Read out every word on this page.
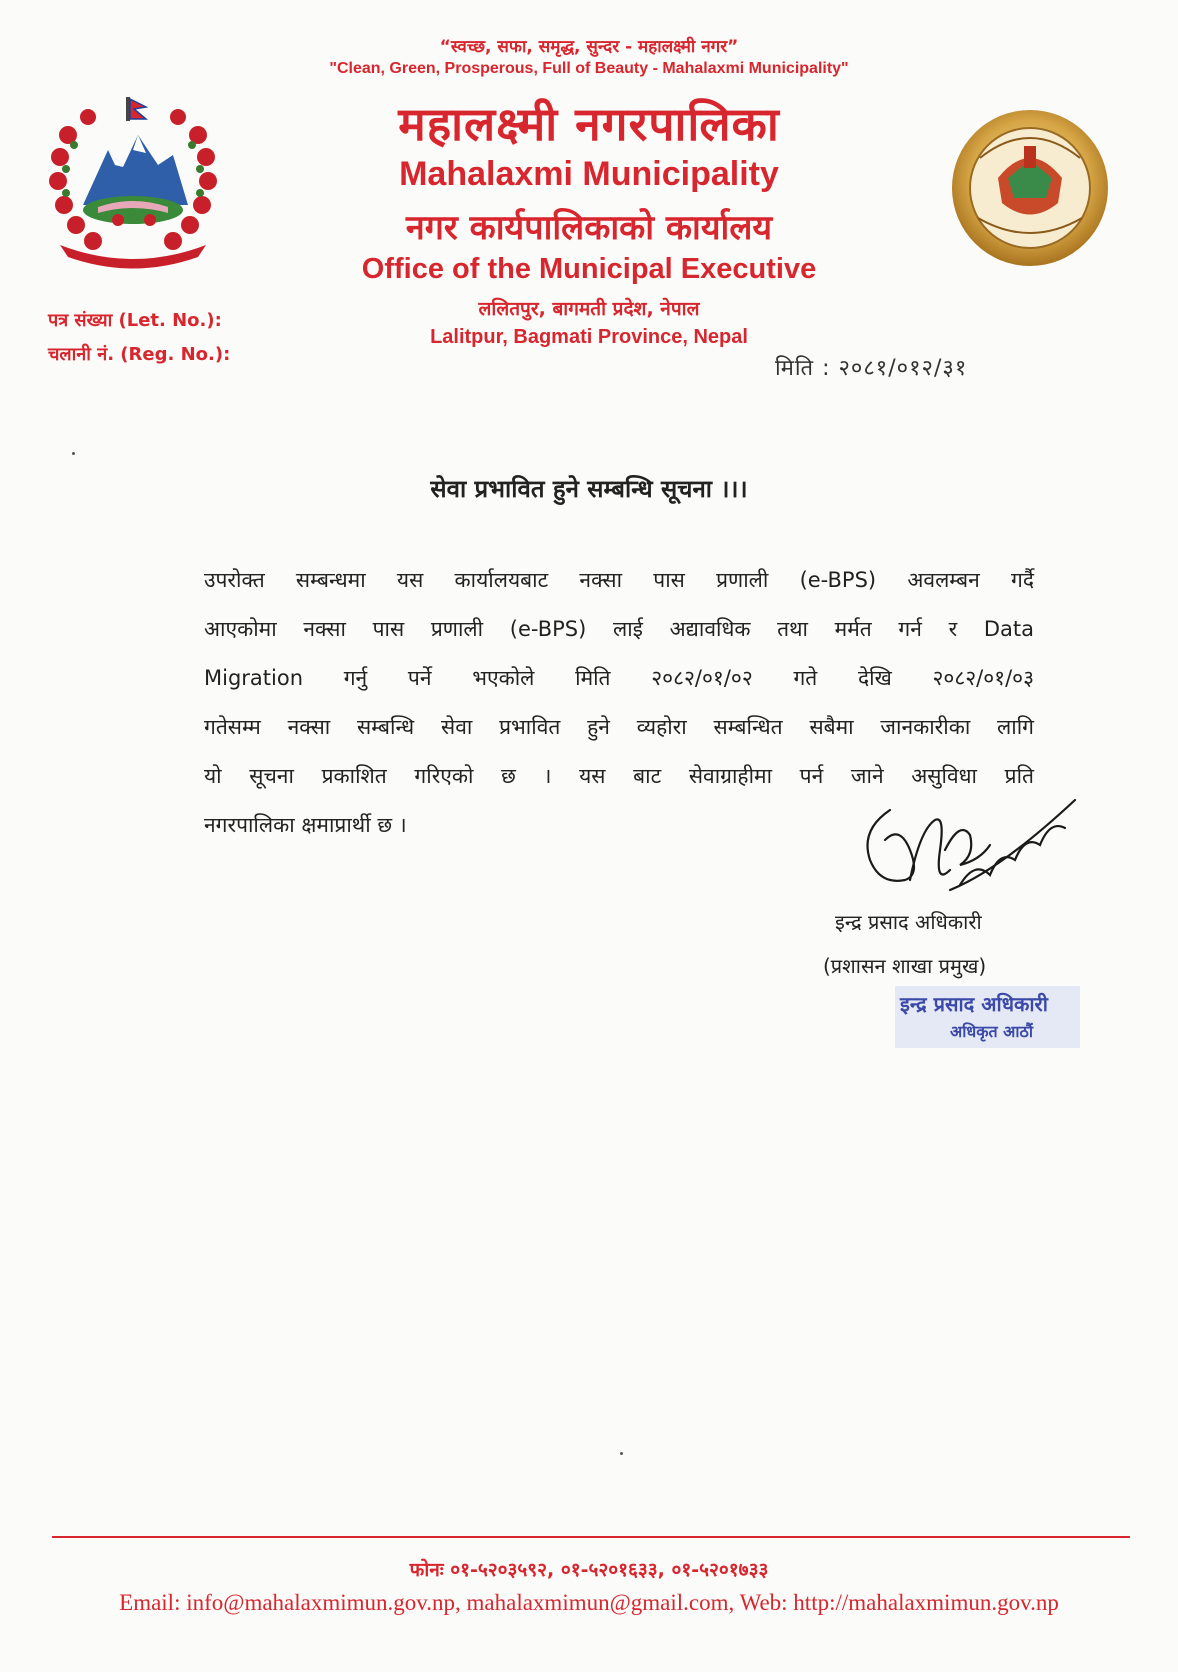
“स्वच्छ, सफा, समृद्ध, सुन्दर - महालक्ष्मी नगर”
"Clean, Green, Prosperous, Full of Beauty - Mahalaxmi Municipality"
महालक्ष्मी नगरपालिका
Mahalaxmi Municipality
नगर कार्यपालिकाको कार्यालय
Office of the Municipal Executive
ललितपुर, बागमती प्रदेश, नेपाल
Lalitpur, Bagmati Province, Nepal
पत्र संख्या (Let. No.):
चलानी नं. (Reg. No.):
मिति : २०८१/०१२/३१
सेवा प्रभावित हुने सम्बन्धि सूचना ।।।
उपरोक्त सम्बन्धमा यस कार्यालयबाट नक्सा पास प्रणाली (e-BPS) अवलम्बन गर्दै
आएकोमा नक्सा पास प्रणाली (e-BPS) लाई अद्यावधिक तथा मर्मत गर्न र Data
Migration गर्नु पर्ने भएकोले मिति २०८२/०१/०२ गते देखि २०८२/०१/०३
गतेसम्म नक्सा सम्बन्धि सेवा प्रभावित हुने व्यहोरा सम्बन्धित सबैमा जानकारीका लागि
यो सूचना प्रकाशित गरिएको छ । यस बाट सेवाग्राहीमा पर्न जाने असुविधा प्रति
नगरपालिका क्षमाप्रार्थी छ ।
इन्द्र प्रसाद अधिकारी
(प्रशासन शाखा प्रमुख)
इन्द्र प्रसाद अधिकारी
अधिकृत आठौं
फोनः ०१-५२०३५९२, ०१-५२०१६३३, ०१-५२०१७३३
Email: info@mahalaxmimun.gov.np, mahalaxmimun@gmail.com, Web: http://mahalaxmimun.gov.np
